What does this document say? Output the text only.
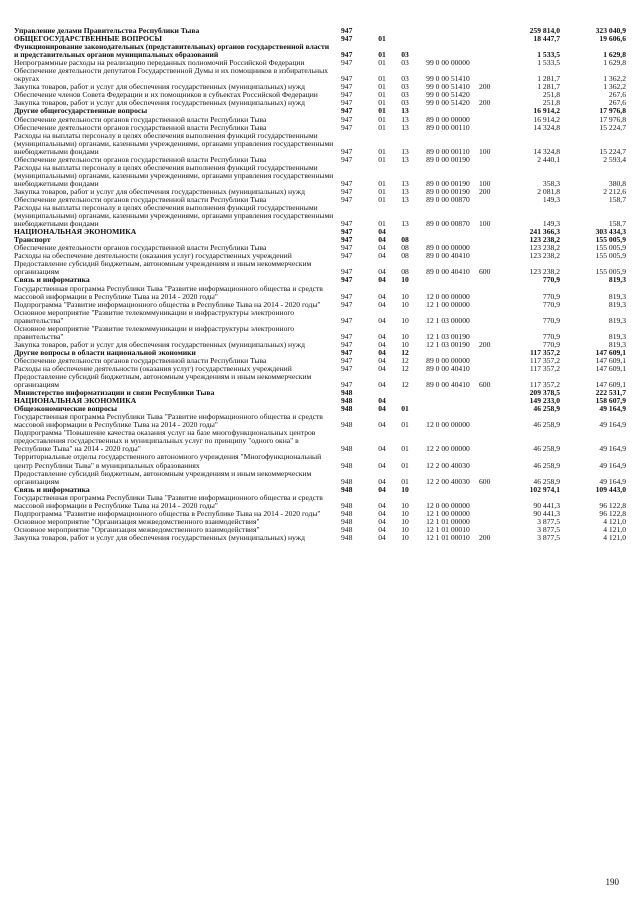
Управление делами Правительства Республики Тыва	947	259 814,0	323 040,9
ОБЩЕГОСУДАРСТВЕННЫЕ ВОПРОСЫ	947	01	18 447,7	19 606,6
Функционирование законодательных (представительных) органов государственной власти и представительных органов муниципальных образований	947	01	03	1 533,5	1 629,8
Непрограммные расходы на реализацию переданных полномочий Российской Федерации	947	01	03	99 0 00 00000	1 533,5	1 629,8
Обеспечение деятельности депутатов Государственной Думы и их помощников в избирательных округах	947	01	03	99 0 00 51410	1 281,7	1 362,2
Закупка товаров, работ и услуг для обеспечения государственных (муниципальных) нужд	947	01	03	99 0 00 51410	200	1 281,7	1 362,2
Обеспечение членов Совета Федерации и их помощников в субъектах Российской Федерации	947	01	03	99 0 00 51420	251,8	267,6
Закупка товаров, работ и услуг для обеспечения государственных (муниципальных) нужд	947	01	03	99 0 00 51420	200	251,8	267,6
Другие общегосударственные вопросы	947	01	13	16 914,2	17 976,8
Обеспечение деятельности органов государственной власти Республики Тыва	947	01	13	89 0 00 00000	16 914,2	17 976,8
Обеспечение деятельности органов государственной власти Республики Тыва	947	01	13	89 0 00 00110	14 324,8	15 224,7
Расходы на выплаты персоналу в целях обеспечения выполнения функций государственными (муниципальными) органами, казенными учреждениями, органами управления государственными внебюджетными фондами	947	01	13	89 0 00 00110	100	14 324,8	15 224,7
Обеспечение деятельности органов государственной власти Республики Тыва	947	01	13	89 0 00 00190	2 440,1	2 593,4
Расходы на выплаты персоналу в целях обеспечения выполнения функций государственными (муниципальными) органами, казенными учреждениями, органами управления государственными внебюджетными фондами	947	01	13	89 0 00 00190	100	358,3	380,8
Закупка товаров, работ и услуг для обеспечения государственных (муниципальных) нужд	947	01	13	89 0 00 00190	200	2 081,8	2 212,6
Обеспечение деятельности органов государственной власти Республики Тыва	947	01	13	89 0 00 00870	149,3	158,7
Расходы на выплаты персоналу в целях обеспечения выполнения функций государственными (муниципальными) органами, казенными учреждениями, органами управления государственными внебюджетными фондами	947	01	13	89 0 00 00870	100	149,3	158,7
НАЦИОНАЛЬНАЯ ЭКОНОМИКА	947	04	241 366,3	303 434,3
Транспорт	947	04	08	123 238,2	155 005,9
Обеспечение деятельности органов государственной власти Республики Тыва	947	04	08	89 0 00 00000	123 238,2	155 005,9
Расходы на обеспечение деятельности (оказания услуг) государственных учреждений	947	04	08	89 0 00 40410	123 238,2	155 005,9
Предоставление субсидий бюджетным, автономным учреждениям и иным некоммерческим организациям	947	04	08	89 0 00 40410	600	123 238,2	155 005,9
Связь и информатика	947	04	10	770,9	819,3
Государственная программа Республики Тыва "Развитие информационного общества и средств массовой информации в Республике Тыва на 2014 - 2020 годы"	947	04	10	12 0 00 00000	770,9	819,3
Подпрограмма "Развитие информационного общества в Республике Тыва на 2014 - 2020 годы"	947	04	10	12 1 00 00000	770,9	819,3
Основное мероприятие "Развитие телекоммуникации и инфраструктуры электронного правительства"	947	04	10	12 1 03 00000	770,9	819,3
Основное мероприятие "Развитие телекоммуникации и инфраструктуры электронного правительства"	947	04	10	12 1 03 00190	770,9	819,3
Закупка товаров, работ и услуг для обеспечения государственных (муниципальных) нужд	947	04	10	12 1 03 00190	200	770,9	819,3
Другие вопросы в области национальной экономики	947	04	12	117 357,2	147 609,1
Обеспечение деятельности органов государственной власти Республики Тыва	947	04	12	89 0 00 00000	117 357,2	147 609,1
Расходы на обеспечение деятельности (оказания услуг) государственных учреждений	947	04	12	89 0 00 40410	117 357,2	147 609,1
Предоставление субсидий бюджетным, автономным учреждениям и иным некоммерческим организациям	947	04	12	89 0 00 40410	600	117 357,2	147 609,1
Министерство информатизации и связи Республики Тыва	948	209 378,5	222 531,7
НАЦИОНАЛЬНАЯ ЭКОНОМИКА	948	04	149 233,0	158 607,9
Общеэкономические вопросы	948	04	01	46 258,9	49 164,9
Государственная программа Республики Тыва "Развитие информационного общества и средств массовой информации в Республике Тыва на 2014 - 2020 годы"	948	04	01	12 0 00 00000	46 258,9	49 164,9
Подпрограмма "Повышение качества оказания услуг на базе многофункциональных центров предоставления государственных и муниципальных услуг по принципу "одного окна" в Республике Тыва" на 2014 - 2020 годы"	948	04	01	12 2 00 00000	46 258,9	49 164,9
Территориальные отделы государственного автономного учреждения "Многофункциональный центр Республики Тыва" в муниципальных образованиях	948	04	01	12 2 00 40030	46 258,9	49 164,9
Предоставление субсидий бюджетным, автономным учреждениям и иным некоммерческим организациям	948	04	01	12 2 00 40030	600	46 258,9	49 164,9
Связь и информатика	948	04	10	102 974,1	109 443,0
Государственная программа Республики Тыва "Развитие информационного общества и средств массовой информации в Республике Тыва на 2014 - 2020 годы"	948	04	10	12 0 00 00000	90 441,3	96 122,8
Подпрограмма "Развитие информационного общества в Республике Тыва на 2014 - 2020 годы"	948	04	10	12 1 00 00000	90 441,3	96 122,8
Основное мероприятие "Организация межведомственного взаимодействия"	948	04	10	12 1 01 00000	3 877,5	4 121,0
Основное мероприятие "Организация межведомственного взаимодействия"	948	04	10	12 1 01 00010	3 877,5	4 121,0
Закупка товаров, работ и услуг для обеспечения государственных (муниципальных) нужд	948	04	10	12 1 01 00010	200	3 877,5	4 121,0
190
